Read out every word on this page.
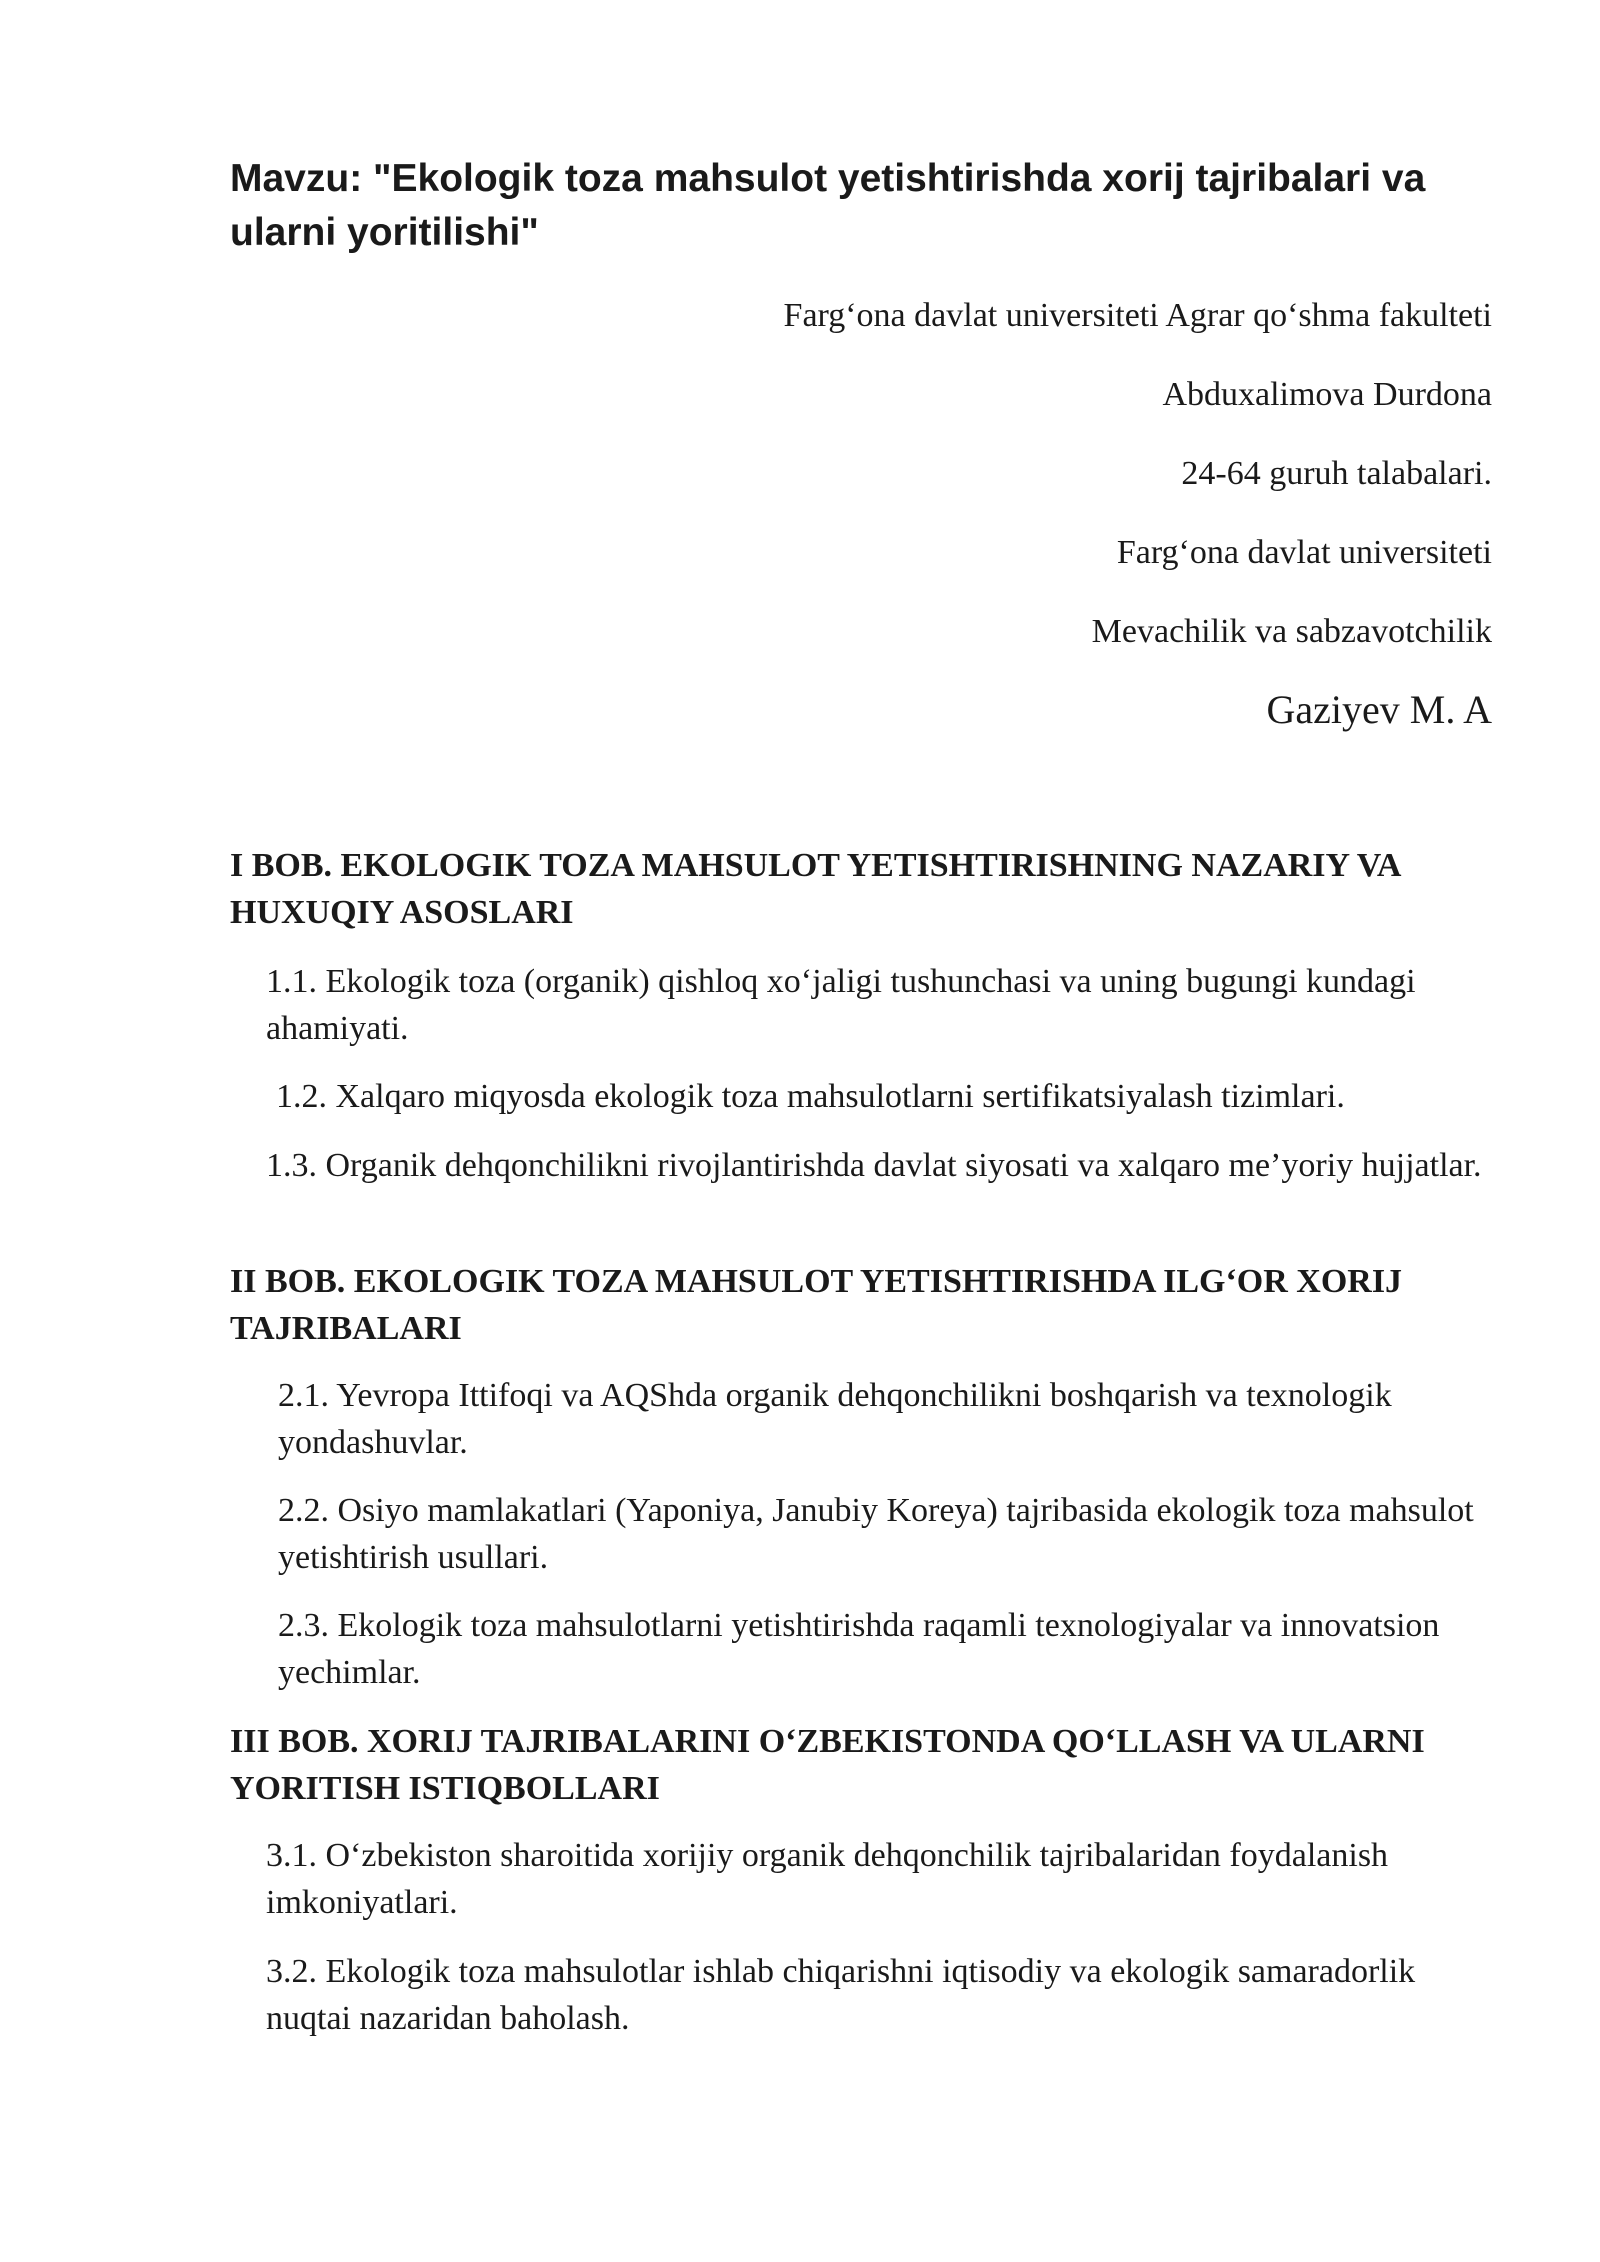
Mavzu: "Ekologik toza mahsulot yetishtirishda xorij tajribalari va ularni yoritilishi"
Farg‘ona davlat universiteti Agrar qo‘shma fakulteti
Abduxalimova Durdona
24-64 guruh talabalari.
Farg‘ona davlat universiteti
Mevachilik va sabzavotchilik
Gaziyev M. A
I BOB. EKOLOGIK TOZA MAHSULOT YETISHTIRISHNING NAZARIY VA HUXUQIY ASOSLARI

1.1. Ekologik toza (organik) qishloq xo‘jaligi tushunchasi va uning bugungi kundagi ahamiyati.

1.2. Xalqaro miqyosda ekologik toza mahsulotlarni sertifikatsiyalash tizimlari.

1.3. Organik dehqonchilikni rivojlantirishda davlat siyosati va xalqaro me’yoriy hujjatlar.

II BOB. EKOLOGIK TOZA MAHSULOT YETISHTIRISHDA ILG‘OR XORIJ TAJRIBALARI

2.1. Yevropa Ittifoqi va AQShda organik dehqonchilikni boshqarish va texnologik yondashuvlar.

2.2. Osiyo mamlakatlari (Yaponiya, Janubiy Koreya) tajribasida ekologik toza mahsulot yetishtirish usullari.

2.3. Ekologik toza mahsulotlarni yetishtirishda raqamli texnologiyalar va innovatsion yechimlar.

III BOB. XORIJ TAJRIBALARINI O‘ZBEKISTONDA QO‘LLASH VA ULARNI YORITISH ISTIQBOLLARI

3.1. O‘zbekiston sharoitida xorijiy organik dehqonchilik tajribalaridan foydalanish imkoniyatlari.

3.2. Ekologik toza mahsulotlar ishlab chiqarishni iqtisodiy va ekologik samaradorlik nuqtai nazaridan baholash.
